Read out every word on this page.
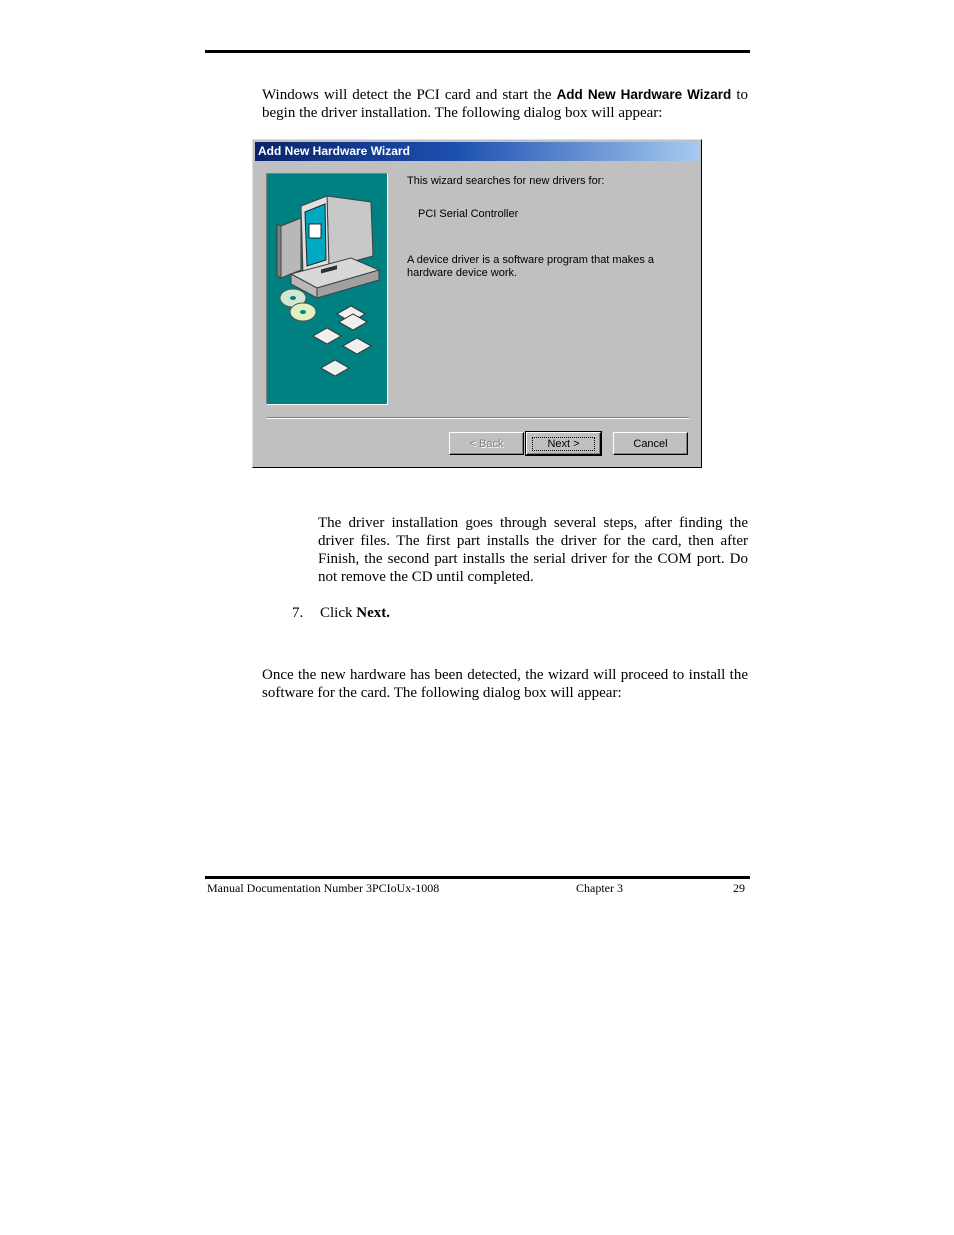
Windows will detect the PCI card and start the Add New Hardware Wizard to begin the driver installation. The following dialog box will appear:
Add New Hardware Wizard
This wizard searches for new drivers for:
PCI Serial Controller
A device driver is a software program that makes a
hardware device work.
< Back	Next >	Cancel
The driver installation goes through several steps, after finding the driver files. The first part installs the driver for the card, then after Finish, the second part installs the serial driver for the COM port. Do not remove the CD until completed.
7. Click Next.
Once the new hardware has been detected, the wizard will proceed to install the software for the card. The following dialog box will appear:
Manual Documentation Number 3PCIoUx-1008	Chapter 3	29
